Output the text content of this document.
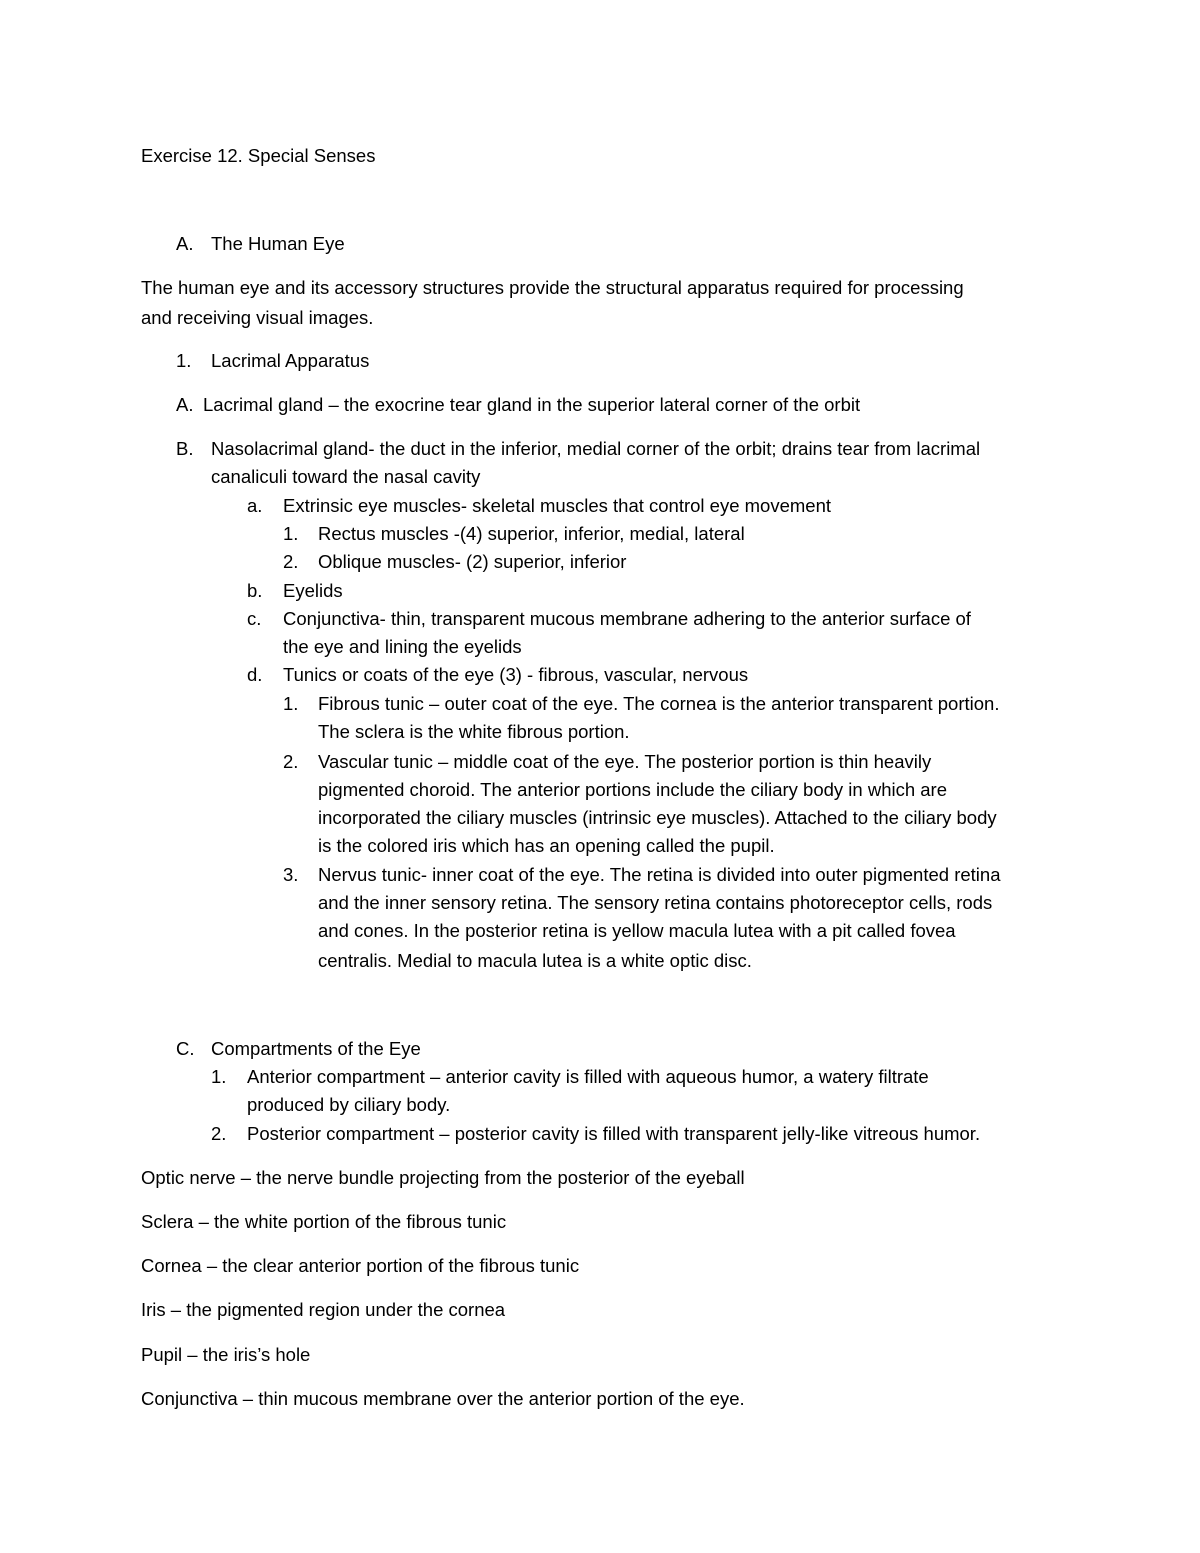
Exercise 12. Special Senses

A. The Human Eye

The human eye and its accessory structures provide the structural apparatus required for processing

and receiving visual images.

1. Lacrimal Apparatus

A. Lacrimal gland – the exocrine tear gland in the superior lateral corner of the orbit

B. Nasolacrimal gland- the duct in the inferior, medial corner of the orbit; drains tear from lacrimal

canaliculi toward the nasal cavity

a. Extrinsic eye muscles- skeletal muscles that control eye movement

1. Rectus muscles -(4) superior, inferior, medial, lateral

2. Oblique muscles- (2) superior, inferior

b. Eyelids

c. Conjunctiva- thin, transparent mucous membrane adhering to the anterior surface of

the eye and lining the eyelids

d. Tunics or coats of the eye (3) - fibrous, vascular, nervous

1. Fibrous tunic – outer coat of the eye. The cornea is the anterior transparent portion.

The sclera is the white fibrous portion.

2. Vascular tunic – middle coat of the eye. The posterior portion is thin heavily

pigmented choroid. The anterior portions include the ciliary body in which are

incorporated the ciliary muscles (intrinsic eye muscles). Attached to the ciliary body

is the colored iris which has an opening called the pupil.

3. Nervus tunic- inner coat of the eye. The retina is divided into outer pigmented retina

and the inner sensory retina. The sensory retina contains photoreceptor cells, rods

and cones. In the posterior retina is yellow macula lutea with a pit called fovea

centralis. Medial to macula lutea is a white optic disc.

C. Compartments of the Eye

1. Anterior compartment – anterior cavity is filled with aqueous humor, a watery filtrate

produced by ciliary body.

2. Posterior compartment – posterior cavity is filled with transparent jelly-like vitreous humor.

Optic nerve – the nerve bundle projecting from the posterior of the eyeball

Sclera – the white portion of the fibrous tunic

Cornea – the clear anterior portion of the fibrous tunic

Iris – the pigmented region under the cornea

Pupil – the iris’s hole

Conjunctiva – thin mucous membrane over the anterior portion of the eye.
